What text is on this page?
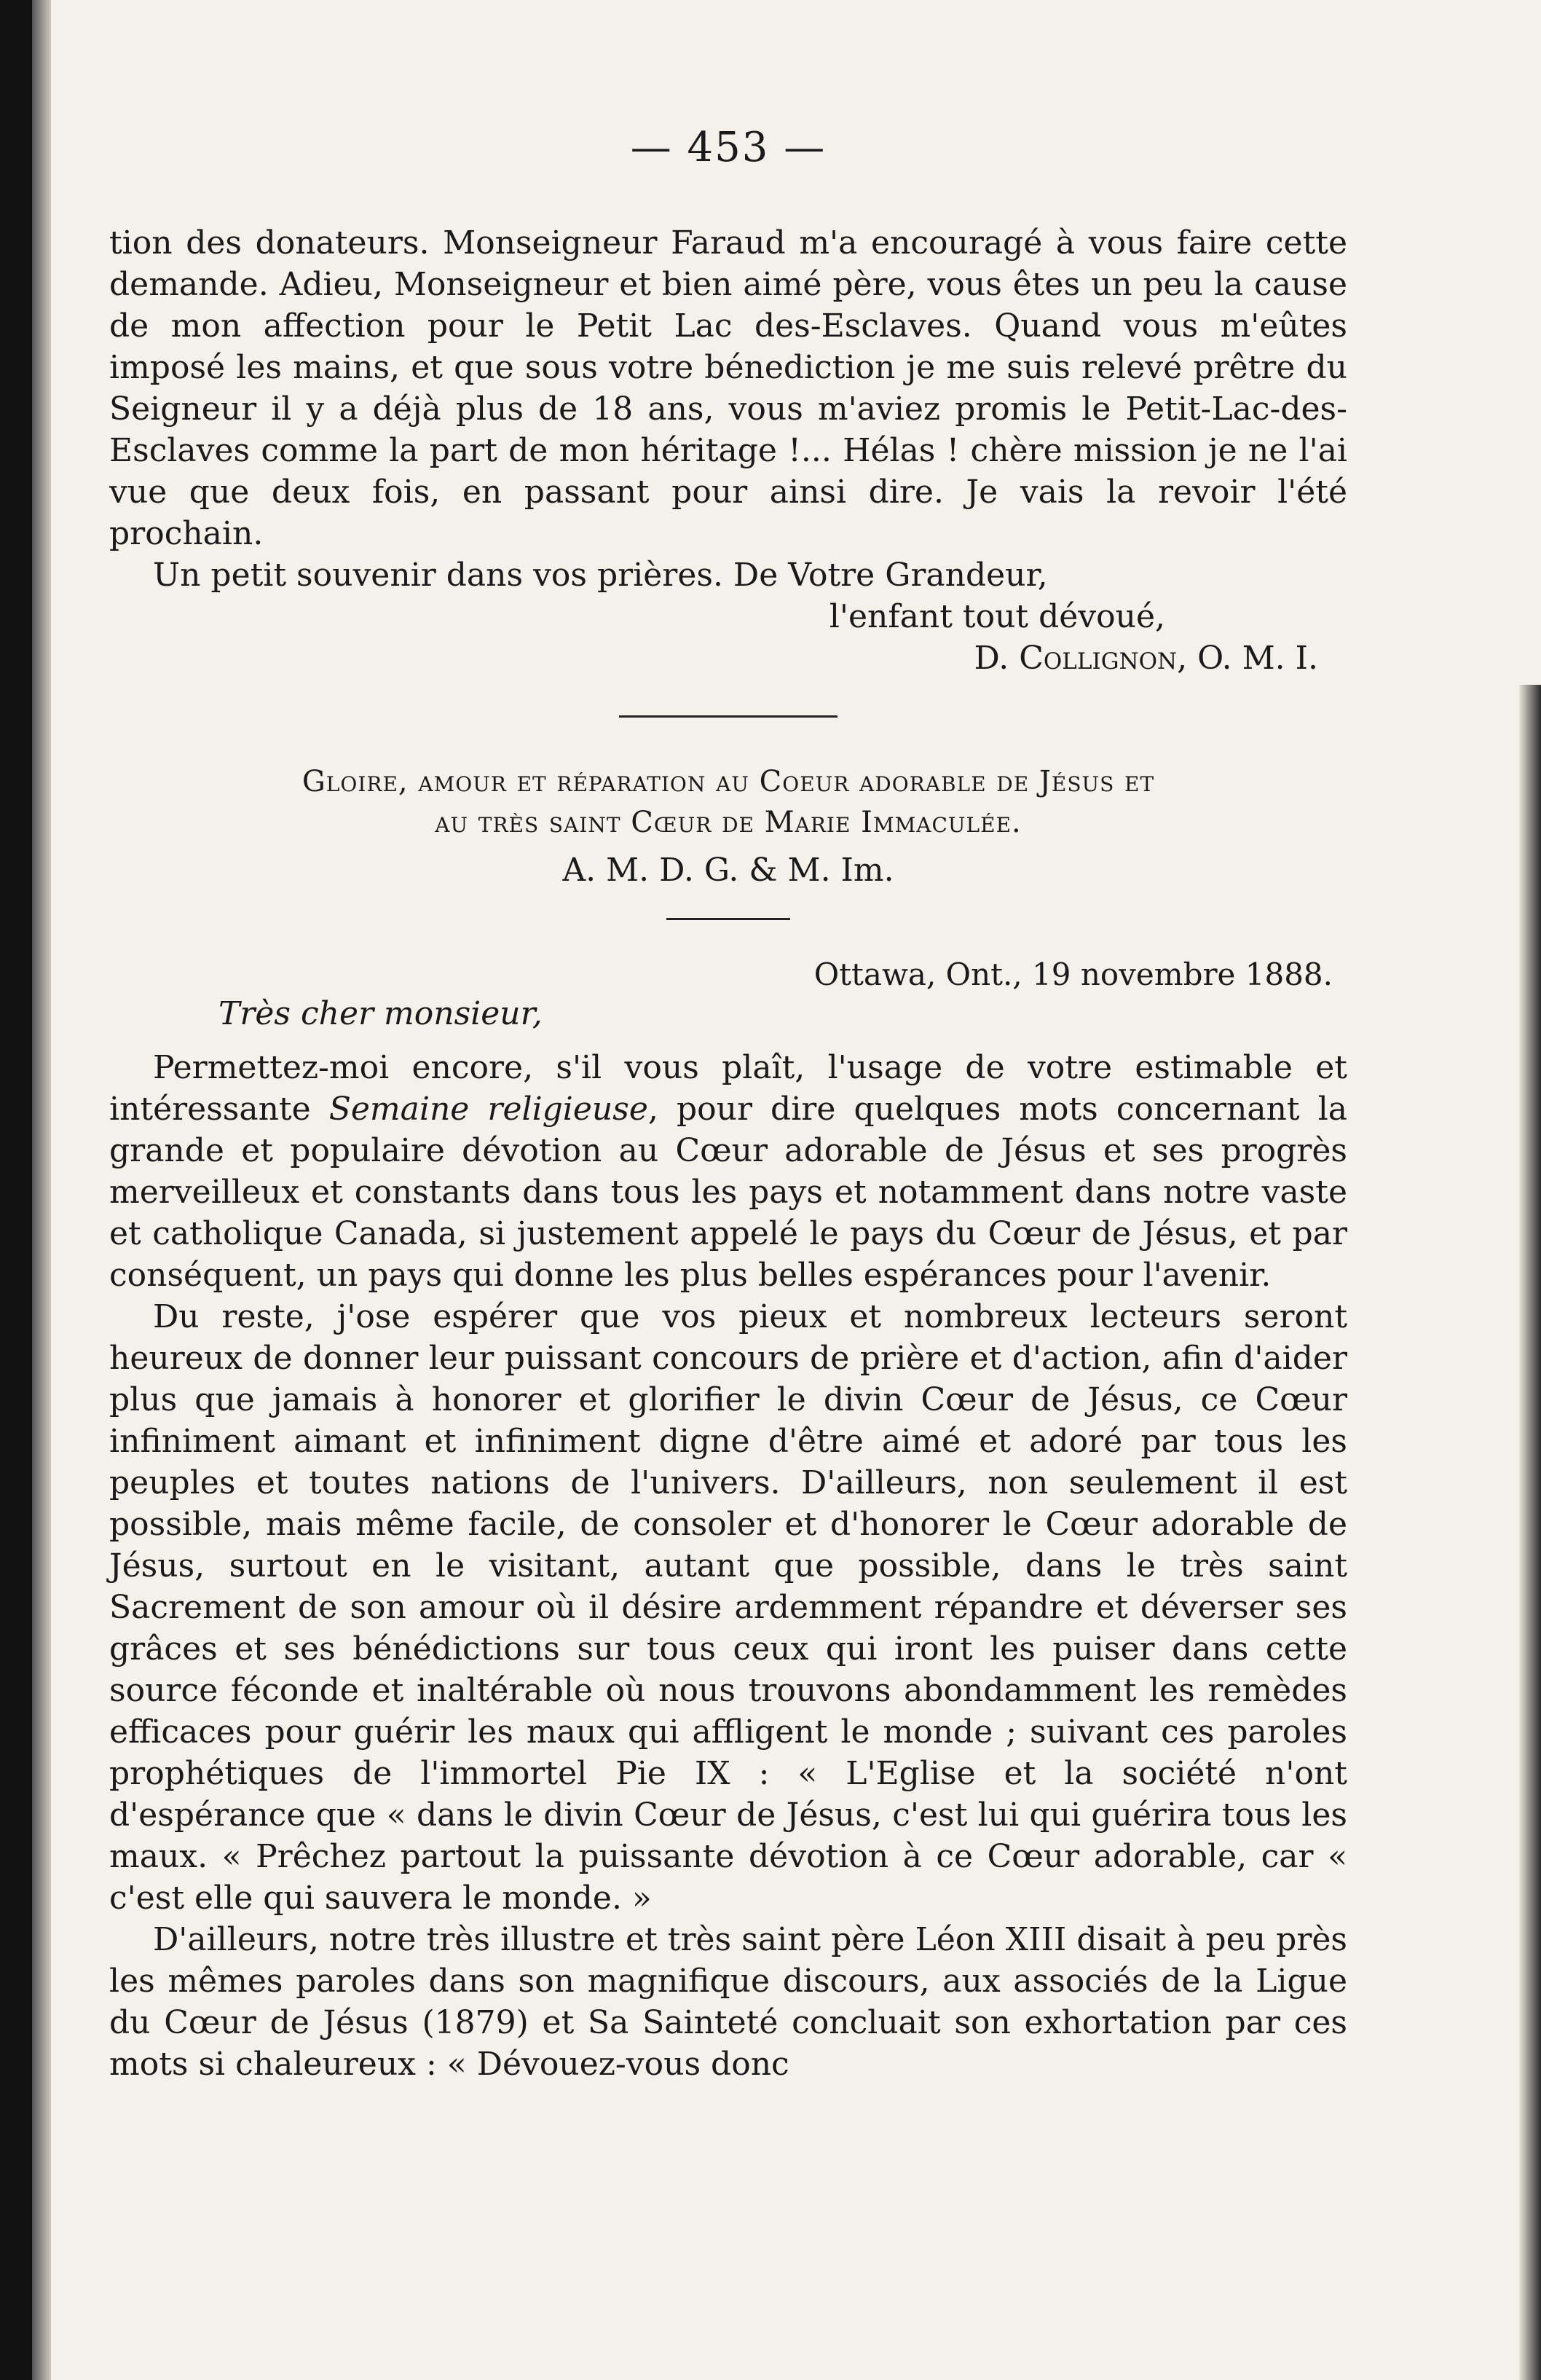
— 453 —

tion des donateurs. Monseigneur Faraud m'a encouragé à vous faire cette demande. Adieu, Monseigneur et bien aimé père, vous êtes un peu la cause de mon affection pour le Petit Lac des-Esclaves. Quand vous m'eûtes imposé les mains, et que sous votre bénediction je me suis relevé prêtre du Seigneur il y a déjà plus de 18 ans, vous m'aviez promis le Petit-Lac-des-Esclaves comme la part de mon héritage !... Hélas ! chère mission je ne l'ai vue que deux fois, en passant pour ainsi dire. Je vais la revoir l'été prochain.

Un petit souvenir dans vos prières. De Votre Grandeur,

l'enfant tout dévoué,
D. Collignon, O. M. I.
Gloire, amour et réparation au Coeur adorable de Jésus et
au très saint Cœur de Marie Immaculée.
A. M. D. G. & M. Im.
Ottawa, Ont., 19 novembre 1888.
Très cher monsieur,

Permettez-moi encore, s'il vous plaît, l'usage de votre estimable et intéressante Semaine religieuse, pour dire quelques mots concernant la grande et populaire dévotion au Cœur adorable de Jésus et ses progrès merveilleux et constants dans tous les pays et notamment dans notre vaste et catholique Canada, si justement appelé le pays du Cœur de Jésus, et par conséquent, un pays qui donne les plus belles espérances pour l'avenir.

Du reste, j'ose espérer que vos pieux et nombreux lecteurs seront heureux de donner leur puissant concours de prière et d'action, afin d'aider plus que jamais à honorer et glorifier le divin Cœur de Jésus, ce Cœur infiniment aimant et infiniment digne d'être aimé et adoré par tous les peuples et toutes nations de l'univers. D'ailleurs, non seulement il est possible, mais même facile, de consoler et d'honorer le Cœur adorable de Jésus, surtout en le visitant, autant que possible, dans le très saint Sacrement de son amour où il désire ardemment répandre et déverser ses grâces et ses bénédictions sur tous ceux qui iront les puiser dans cette source féconde et inaltérable où nous trouvons abondamment les remèdes efficaces pour guérir les maux qui affligent le monde ; suivant ces paroles prophétiques de l'immortel Pie IX : « L'Eglise et la société n'ont d'espérance que « dans le divin Cœur de Jésus, c'est lui qui guérira tous les maux. « Prêchez partout la puissante dévotion à ce Cœur adorable, car « c'est elle qui sauvera le monde. »

D'ailleurs, notre très illustre et très saint père Léon XIII disait à peu près les mêmes paroles dans son magnifique discours, aux associés de la Ligue du Cœur de Jésus (1879) et Sa Sainteté concluait son exhortation par ces mots si chaleureux : « Dévouez-vous donc
